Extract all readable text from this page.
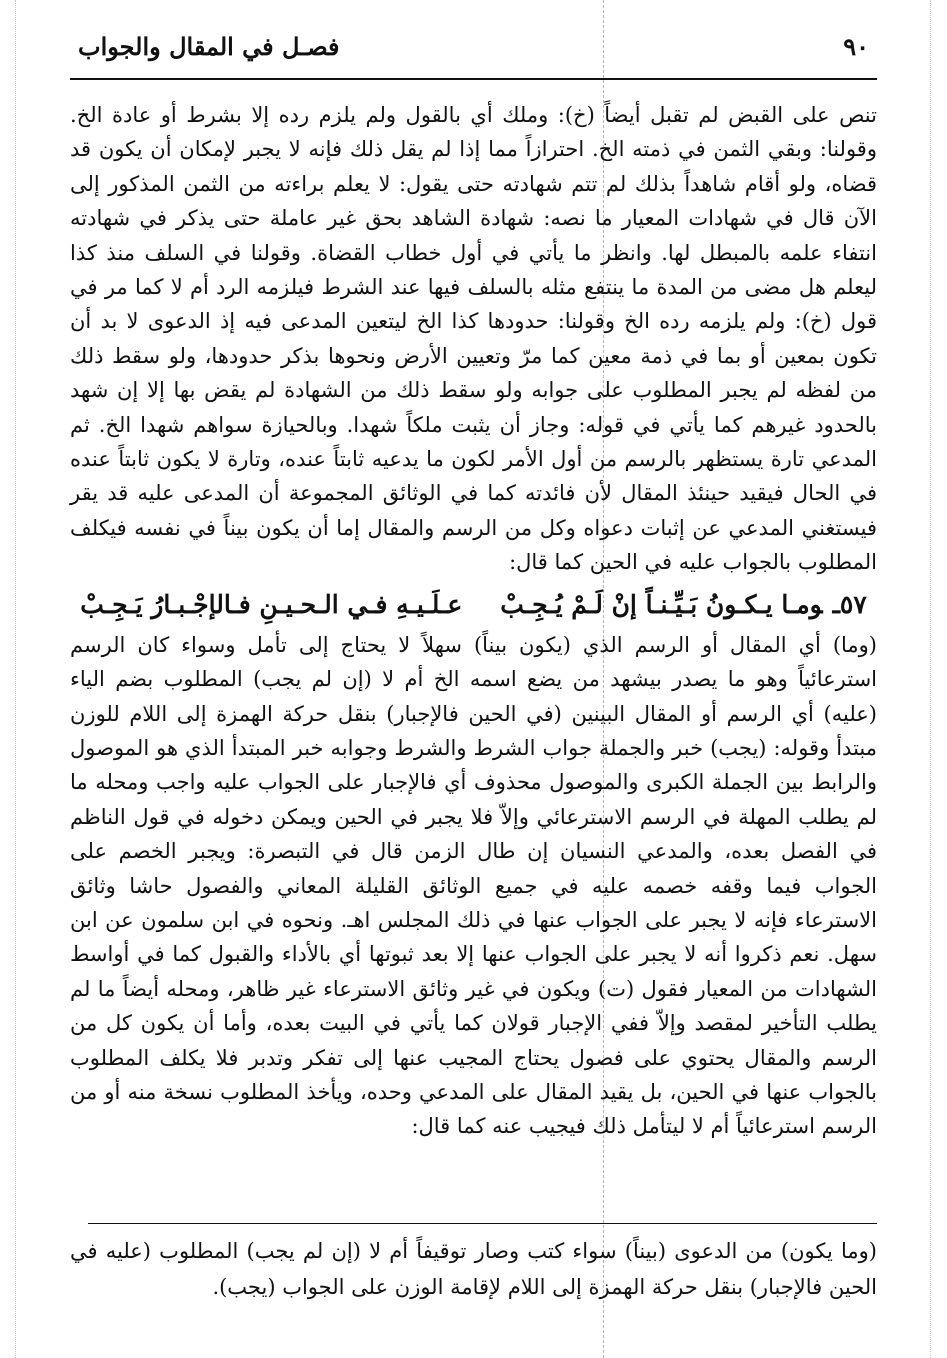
٩٠
فصـل في المقال والجواب

تنص على القبض لم تقبل أيضاً (خ): وملك أي بالقول ولم يلزم رده إلا بشرط أو عادة الخ. وقولنا: وبقي الثمن في ذمته الخ. احترازاً مما إذا لم يقل ذلك فإنه لا يجبر لإمكان أن يكون قد قضاه، ولو أقام شاهداً بذلك لم تتم شهادته حتى يقول: لا يعلم براءته من الثمن المذكور إلى الآن قال في شهادات المعيار ما نصه: شهادة الشاهد بحق غير عاملة حتى يذكر في شهادته انتفاء علمه بالمبطل لها. وانظر ما يأتي في أول خطاب القضاة. وقولنا في السلف منذ كذا ليعلم هل مضى من المدة ما ينتفع مثله بالسلف فيها عند الشرط فيلزمه الرد أم لا كما مر في قول (خ): ولم يلزمه رده الخ وقولنا: حدودها كذا الخ ليتعين المدعى فيه إذ الدعوى لا بد أن تكون بمعين أو بما في ذمة معين كما مرّ وتعيين الأرض ونحوها بذكر حدودها، ولو سقط ذلك من لفظه لم يجبر المطلوب على جوابه ولو سقط ذلك من الشهادة لم يقض بها إلا إن شهد بالحدود غيرهم كما يأتي في قوله: وجاز أن يثبت ملكاً شهدا. وبالحيازة سواهم شهدا الخ. ثم المدعي تارة يستظهر بالرسم من أول الأمر لكون ما يدعيه ثابتاً عنده، وتارة لا يكون ثابتاً عنده في الحال فيقيد حينئذ المقال لأن فائدته كما في الوثائق المجموعة أن المدعى عليه قد يقر فيستغني المدعي عن إثبات دعواه وكل من الرسم والمقال إما أن يكون بيناً في نفسه فيكلف المطلوب بالجواب عليه في الحين كما قال:

٥٧ـومـا يـكـونُ بَـيِّـنـاً إنْ لَـمْ يُـجِـبْعـلَـيـهِ فـي الـحـيـنِ فـالإجْـبـارُ يَـجِـبْ

(وما) أي المقال أو الرسم الذي (يكون بيناً) سهلاً لا يحتاج إلى تأمل وسواء كان الرسم استرعائياً وهو ما يصدر بيشهد من يضع اسمه الخ أم لا (إن لم يجب) المطلوب بضم الياء (عليه) أي الرسم أو المقال البينين (في الحين فالإجبار) بنقل حركة الهمزة إلى اللام للوزن مبتدأ وقوله: (يجب) خبر والجملة جواب الشرط والشرط وجوابه خبر المبتدأ الذي هو الموصول والرابط بين الجملة الكبرى والموصول محذوف أي فالإجبار على الجواب عليه واجب ومحله ما لم يطلب المهلة في الرسم الاسترعائي وإلاّ فلا يجبر في الحين ويمكن دخوله في قول الناظم في الفصل بعده، والمدعي النسيان إن طال الزمن قال في التبصرة: ويجبر الخصم على الجواب فيما وقفه خصمه عليه في جميع الوثائق القليلة المعاني والفصول حاشا وثائق الاسترعاء فإنه لا يجبر على الجواب عنها في ذلك المجلس اهـ. ونحوه في ابن سلمون عن ابن سهل. نعم ذكروا أنه لا يجبر على الجواب عنها إلا بعد ثبوتها أي بالأداء والقبول كما في أواسط الشهادات من المعيار فقول (ت) ويكون في غير وثائق الاسترعاء غير ظاهر، ومحله أيضاً ما لم يطلب التأخير لمقصد وإلاّ ففي الإجبار قولان كما يأتي في البيت بعده، وأما أن يكون كل من الرسم والمقال يحتوي على فصول يحتاج المجيب عنها إلى تفكر وتدبر فلا يكلف المطلوب بالجواب عنها في الحين، بل يقيد المقال على المدعي وحده، ويأخذ المطلوب نسخة منه أو من الرسم استرعائياً أم لا ليتأمل ذلك فيجيب عنه كما قال:

(وما يكون) من الدعوى (بيناً) سواء كتب وصار توقيفاً أم لا (إن لم يجب) المطلوب (عليه في الحين فالإجبار) بنقل حركة الهمزة إلى اللام لإقامة الوزن على الجواب (يجب).
